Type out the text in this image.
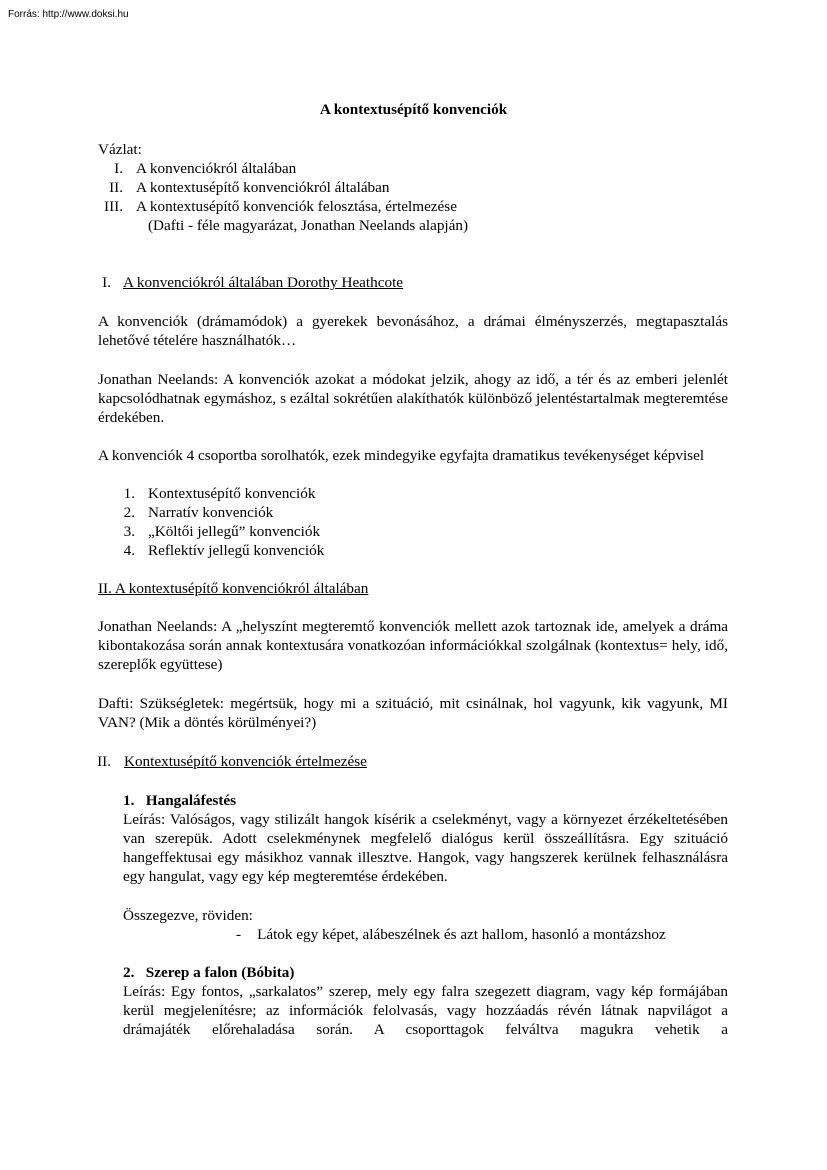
Forrás: http://www.doksi.hu
A kontextusépítő konvenciók
Vázlat:
I. A konvenciókról általában
II. A kontextusépítő konvenciókról általában
III. A kontextusépítő konvenciók felosztása, értelmezése
(Dafti - féle magyarázat, Jonathan Neelands alapján)
I. A konvenciókról általában Dorothy Heathcote
A konvenciók (drámamódok) a gyerekek bevonásához, a drámai élményszerzés, megtapasztalás lehetővé tételére használhatók…
Jonathan Neelands: A konvenciók azokat a módokat jelzik, ahogy az idő, a tér és az emberi jelenlét kapcsolódhatnak egymáshoz, s ezáltal sokrétűen alakíthatók különböző jelentéstartalmak megteremtése érdekében.
A konvenciók 4 csoportba sorolhatók, ezek mindegyike egyfajta dramatikus tevékenységet képvisel
1. Kontextusépítő konvenciók
2. Narratív konvenciók
3. „Költői jellegű” konvenciók
4. Reflektív jellegű konvenciók
II. A kontextusépítő konvenciókról általában
Jonathan Neelands: A „helyszínt megteremtő konvenciók mellett azok tartoznak ide, amelyek a dráma kibontakozása során annak kontextusára vonatkozóan információkkal szolgálnak (kontextus= hely, idő, szereplők együttese)
Dafti: Szükségletek: megértsük, hogy mi a szituáció, mit csinálnak, hol vagyunk, kik vagyunk, MI VAN? (Mik a döntés körülményei?)
II. Kontextusépítő konvenciók értelmezése
1.   Hangaláfestés
Leírás: Valóságos, vagy stilizált hangok kísérik a cselekményt, vagy a környezet érzékeltetésében van szerepük. Adott cselekménynek megfelelő dialógus kerül összeállításra. Egy szituáció hangeffektusai egy másikhoz vannak illesztve. Hangok, vagy hangszerek kerülnek felhasználásra egy hangulat, vagy egy kép megteremtése érdekében.
Összegezve, röviden:
- Látok egy képet, alábeszélnek és azt hallom, hasonló a montázshoz
2.   Szerep a falon (Bóbita)
Leírás: Egy fontos, „sarkalatos” szerep, mely egy falra szegezett diagram, vagy kép formájában kerül megjelenítésre; az információk felolvasás, vagy hozzáadás révén látnak napvilágot a drámajáték előrehaladása során. A csoporttagok felváltva magukra vehetik a
